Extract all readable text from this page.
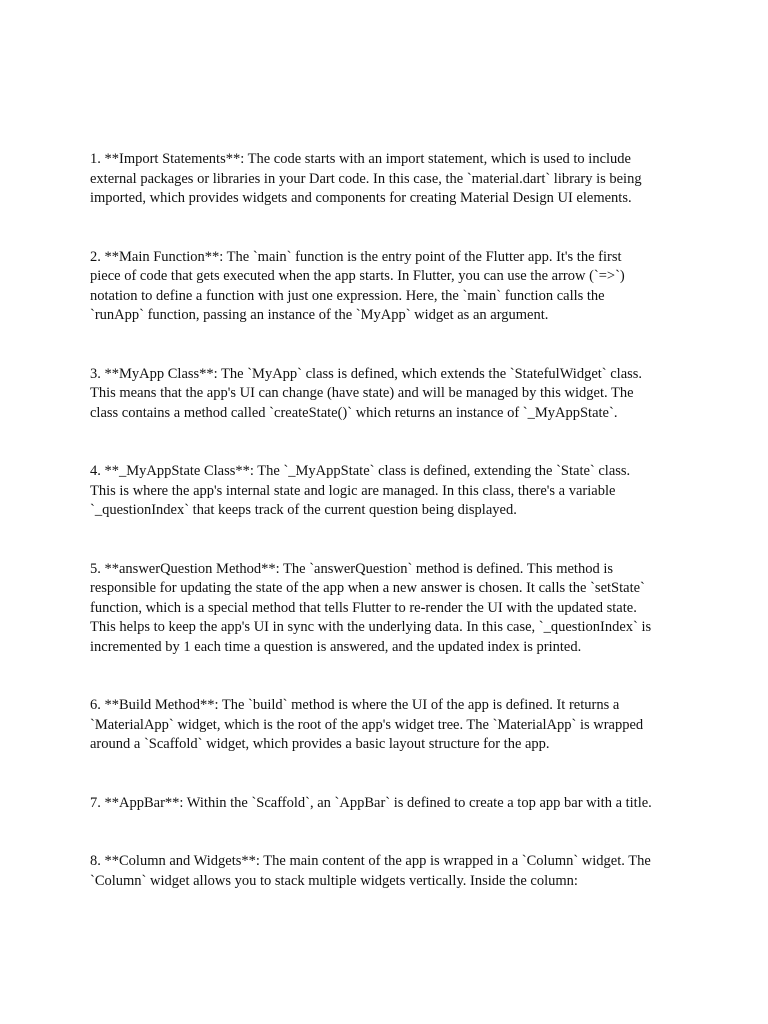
1. **Import Statements**: The code starts with an import statement, which is used to include
external packages or libraries in your Dart code. In this case, the `material.dart` library is being
imported, which provides widgets and components for creating Material Design UI elements.

2. **Main Function**: The `main` function is the entry point of the Flutter app. It's the first
piece of code that gets executed when the app starts. In Flutter, you can use the arrow (`=>`)
notation to define a function with just one expression. Here, the `main` function calls the
`runApp` function, passing an instance of the `MyApp` widget as an argument.

3. **MyApp Class**: The `MyApp` class is defined, which extends the `StatefulWidget` class.
This means that the app's UI can change (have state) and will be managed by this widget. The
class contains a method called `createState()` which returns an instance of `_MyAppState`.

4. **_MyAppState Class**: The `_MyAppState` class is defined, extending the `State` class.
This is where the app's internal state and logic are managed. In this class, there's a variable
`_questionIndex` that keeps track of the current question being displayed.

5. **answerQuestion Method**: The `answerQuestion` method is defined. This method is
responsible for updating the state of the app when a new answer is chosen. It calls the `setState`
function, which is a special method that tells Flutter to re-render the UI with the updated state.
This helps to keep the app's UI in sync with the underlying data. In this case, `_questionIndex` is
incremented by 1 each time a question is answered, and the updated index is printed.

6. **Build Method**: The `build` method is where the UI of the app is defined. It returns a
`MaterialApp` widget, which is the root of the app's widget tree. The `MaterialApp` is wrapped
around a `Scaffold` widget, which provides a basic layout structure for the app.

7. **AppBar**: Within the `Scaffold`, an `AppBar` is defined to create a top app bar with a title.

8. **Column and Widgets**: The main content of the app is wrapped in a `Column` widget. The
`Column` widget allows you to stack multiple widgets vertically. Inside the column:
